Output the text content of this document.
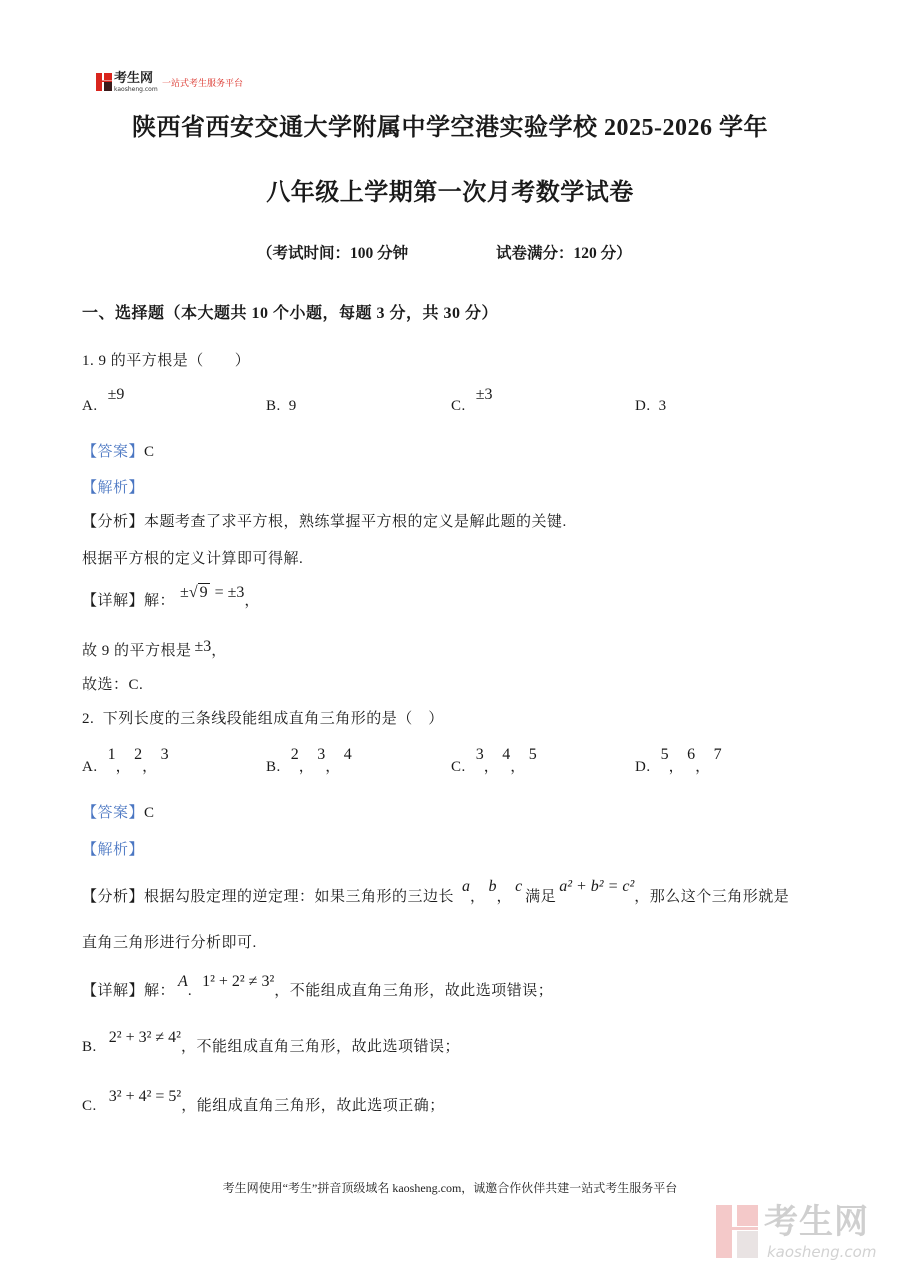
考生网
kaosheng.com
一站式考生服务平台
陕西省西安交通大学附属中学空港实验学校 2025-2026 学年
八年级上学期第一次月考数学试卷
（考试时间：100 分钟	试卷满分：120 分）
一、选择题（本大题共 10 个小题，每题 3 分，共 30 分）
1. 9 的平方根是（　　）
A.
±9
B. 9	C.
±3
D. 3
【答案】 C
【解析】
【分析】 本题考查了求平方根，熟练掌握平方根的定义是解此题的关键.
根据平方根的定义计算即可得解.
【详解】 解： ± √ 9 = ±3 ，
故 9 的平方根是 ±3 ，
故选：C.
2.  下列长度的三条线段能组成直角三角形的是（　）
A.
1
，
2
，
3
B.
2
，
3
，
4
C.
3
，
4
，
5
D.
5
，
6
，
7
【答案】 C
【解析】
【分析】 根据勾股定理的逆定理：如果三角形的三边长
a
，
b
，
c
满足
a² + b² = c²
，那么这个三角形就是
直角三角形进行分析即可.
【详解】 解：
A
.
1² + 2² ≠ 3²
，不能组成直角三角形，故此选项错误；
B.
2² + 3² ≠ 4²
，不能组成直角三角形，故此选项错误；
C.
3² + 4² = 5²
，能组成直角三角形，故此选项正确；
考生网使用“考生”拼音顶级域名 kaosheng.com，诚邀合作伙伴共建一站式考生服务平台
考生网
kaosheng.com
